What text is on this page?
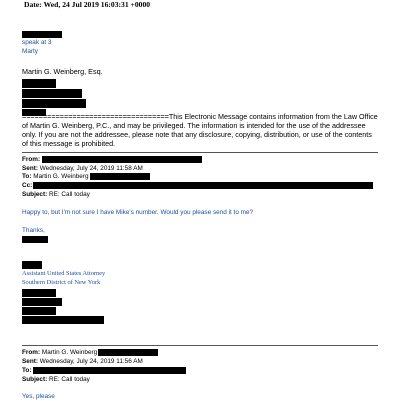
Date: Wed, 24 Jul 2019 16:03:31 +0000
speak at 3
Marty
Martin G. Weinberg, Esq.
===================================This Electronic Message contains information from the Law Office
of Martin G. Weinberg, P.C., and may be privileged. The information is intended for the use of the addressee
only. If you are not the addressee, please note that any disclosure, copying, distribution, or use of the contents
of this message is prohibited.
From:
Sent: Wednesday, July 24, 2019 11:58 AM
To: Martin G. Weinberg
Cc:
Subject: RE: Call today
Happy to, but I'm not sure I have Mike's number. Would you please send it to me?
Thanks,
Assistant United States Attorney
Southern District of New York
From: Martin G. Weinberg
Sent: Wednesday, July 24, 2019 11:56 AM
To:
Subject: RE: Call today
Yes, please
